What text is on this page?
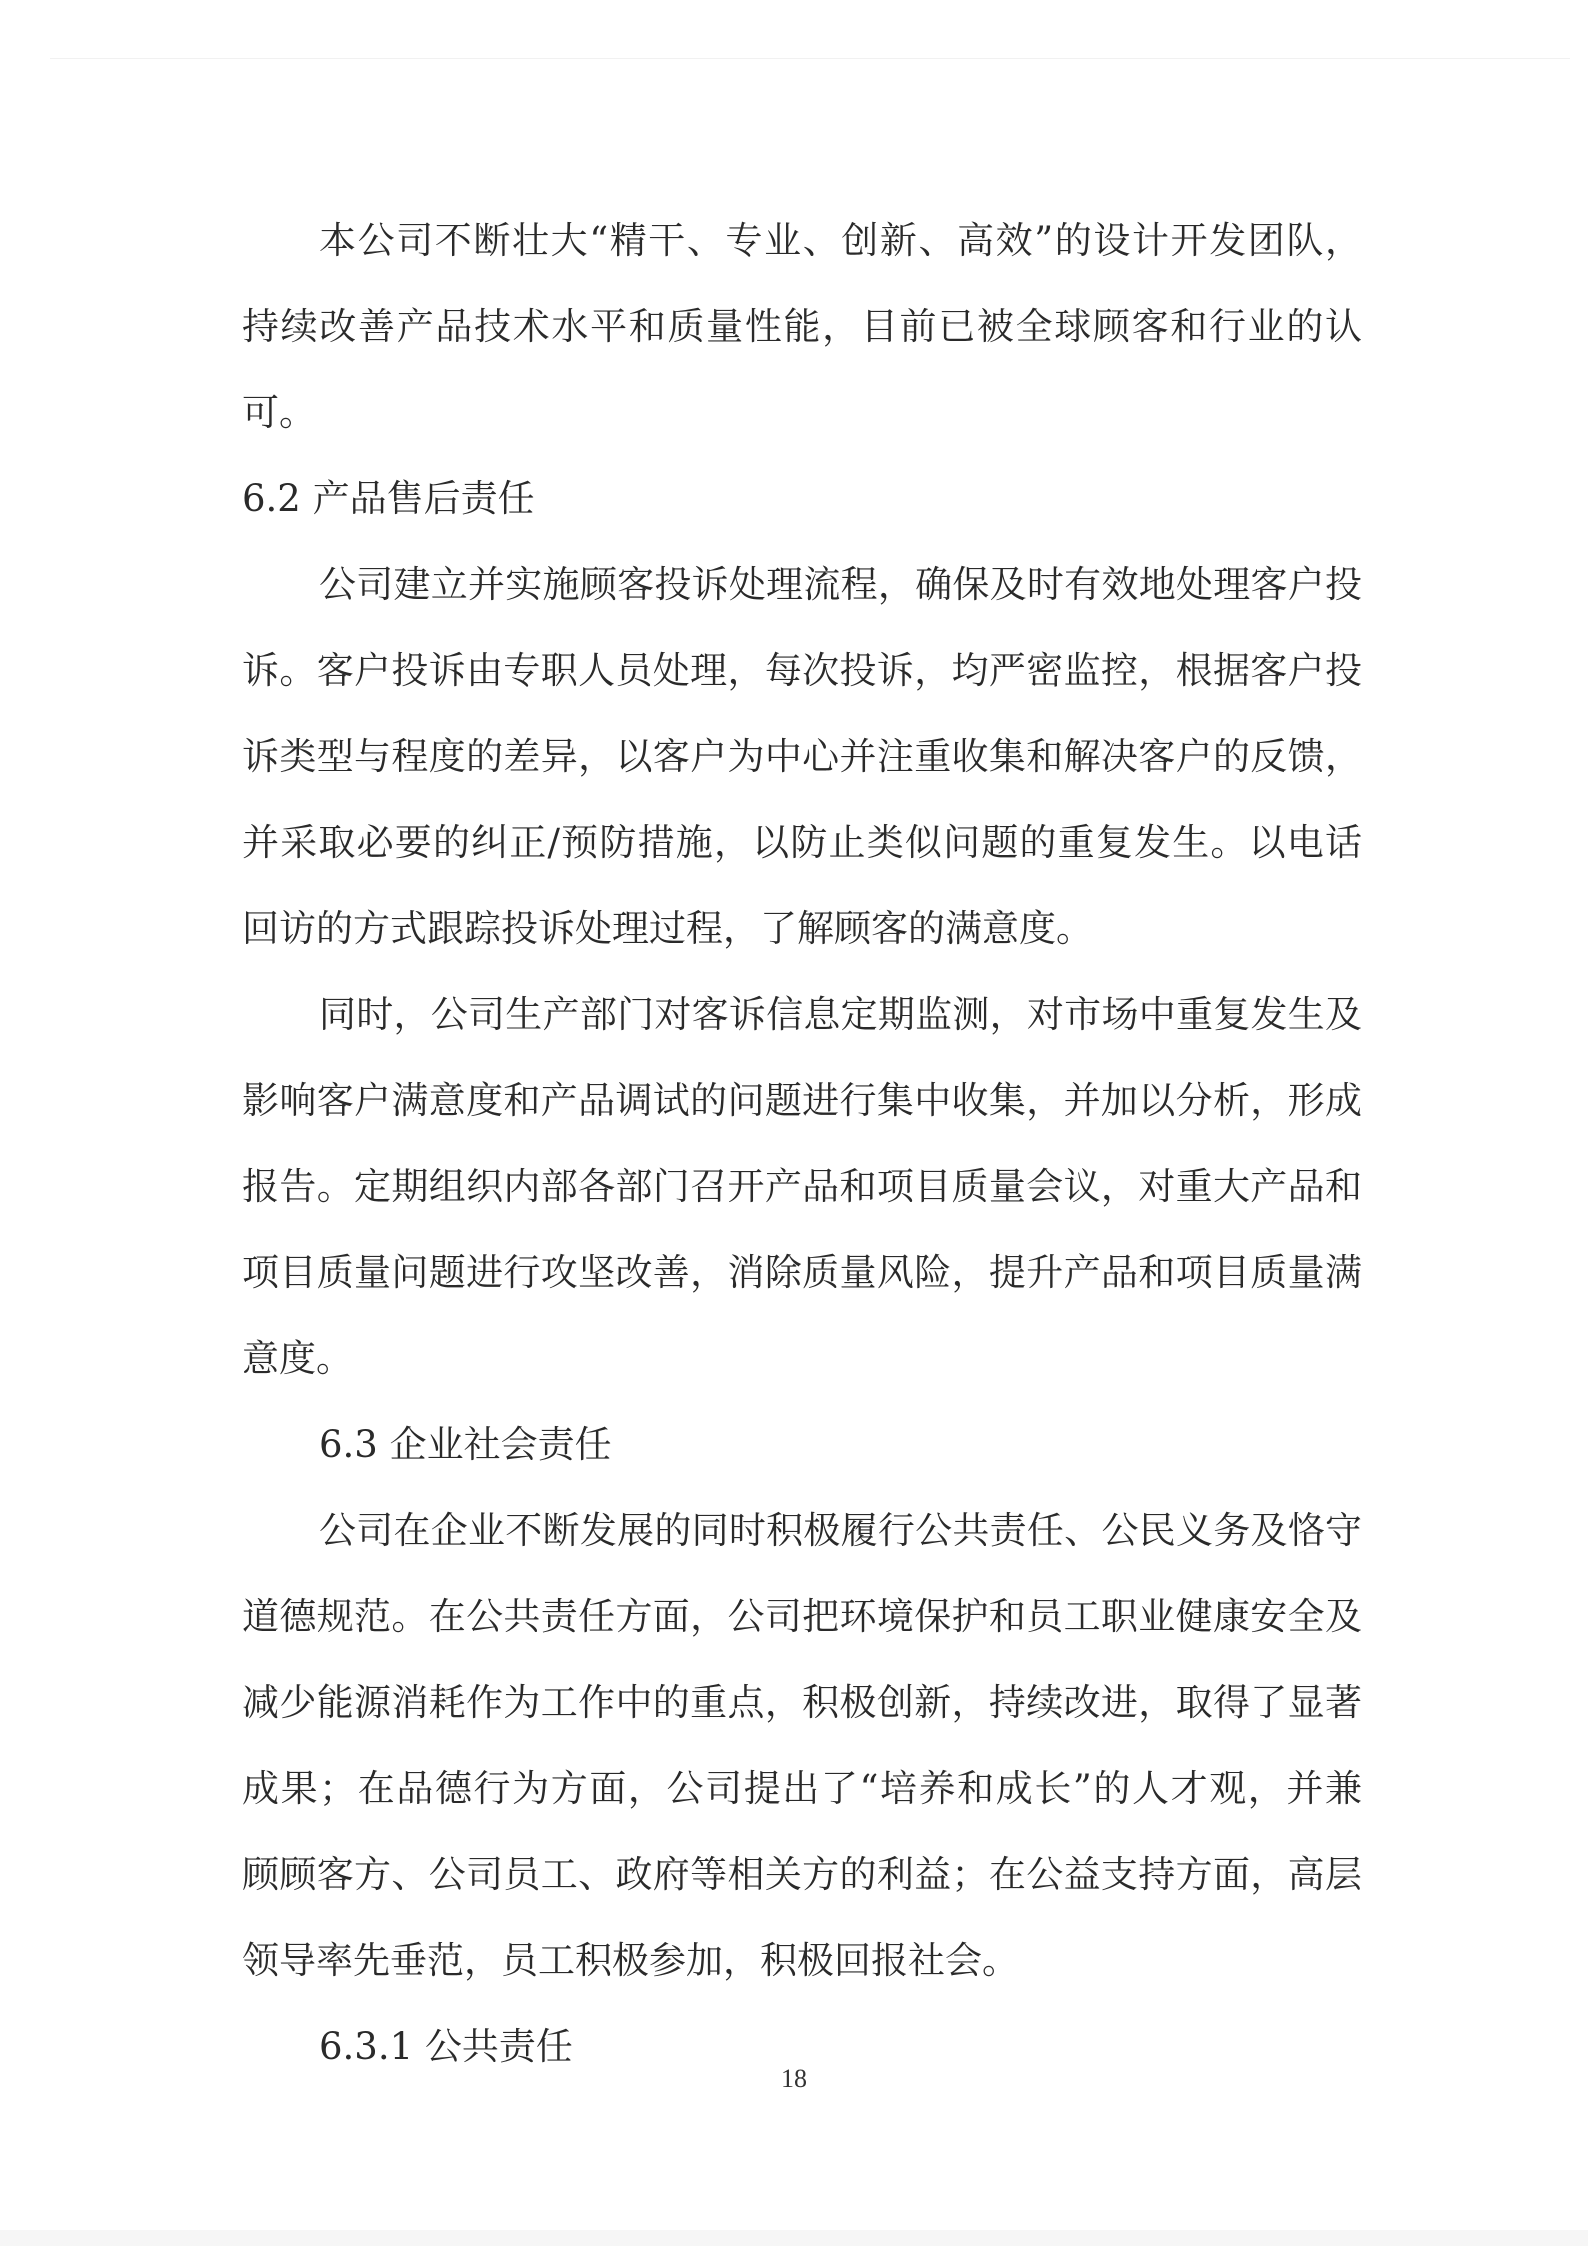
本公司不断壮大“精干、专业、创新、高效”的设计开发团队，
持续改善产品技术水平和质量性能，目前已被全球顾客和行业的认
可。
6.2 产品售后责任
公司建立并实施顾客投诉处理流程，确保及时有效地处理客户投
诉。客户投诉由专职人员处理，每次投诉，均严密监控，根据客户投
诉类型与程度的差异，以客户为中心并注重收集和解决客户的反馈，
并采取必要的纠正/预防措施，以防止类似问题的重复发生。以电话
回访的方式跟踪投诉处理过程，了解顾客的满意度。
同时，公司生产部门对客诉信息定期监测，对市场中重复发生及
影响客户满意度和产品调试的问题进行集中收集，并加以分析，形成
报告。定期组织内部各部门召开产品和项目质量会议，对重大产品和
项目质量问题进行攻坚改善，消除质量风险，提升产品和项目质量满
意度。
6.3 企业社会责任
公司在企业不断发展的同时积极履行公共责任、公民义务及恪守
道德规范。在公共责任方面，公司把环境保护和员工职业健康安全及
减少能源消耗作为工作中的重点，积极创新，持续改进，取得了显著
成果；在品德行为方面，公司提出了“培养和成长”的人才观，并兼
顾顾客方、公司员工、政府等相关方的利益；在公益支持方面，高层
领导率先垂范，员工积极参加，积极回报社会。
6.3.1 公共责任
18
